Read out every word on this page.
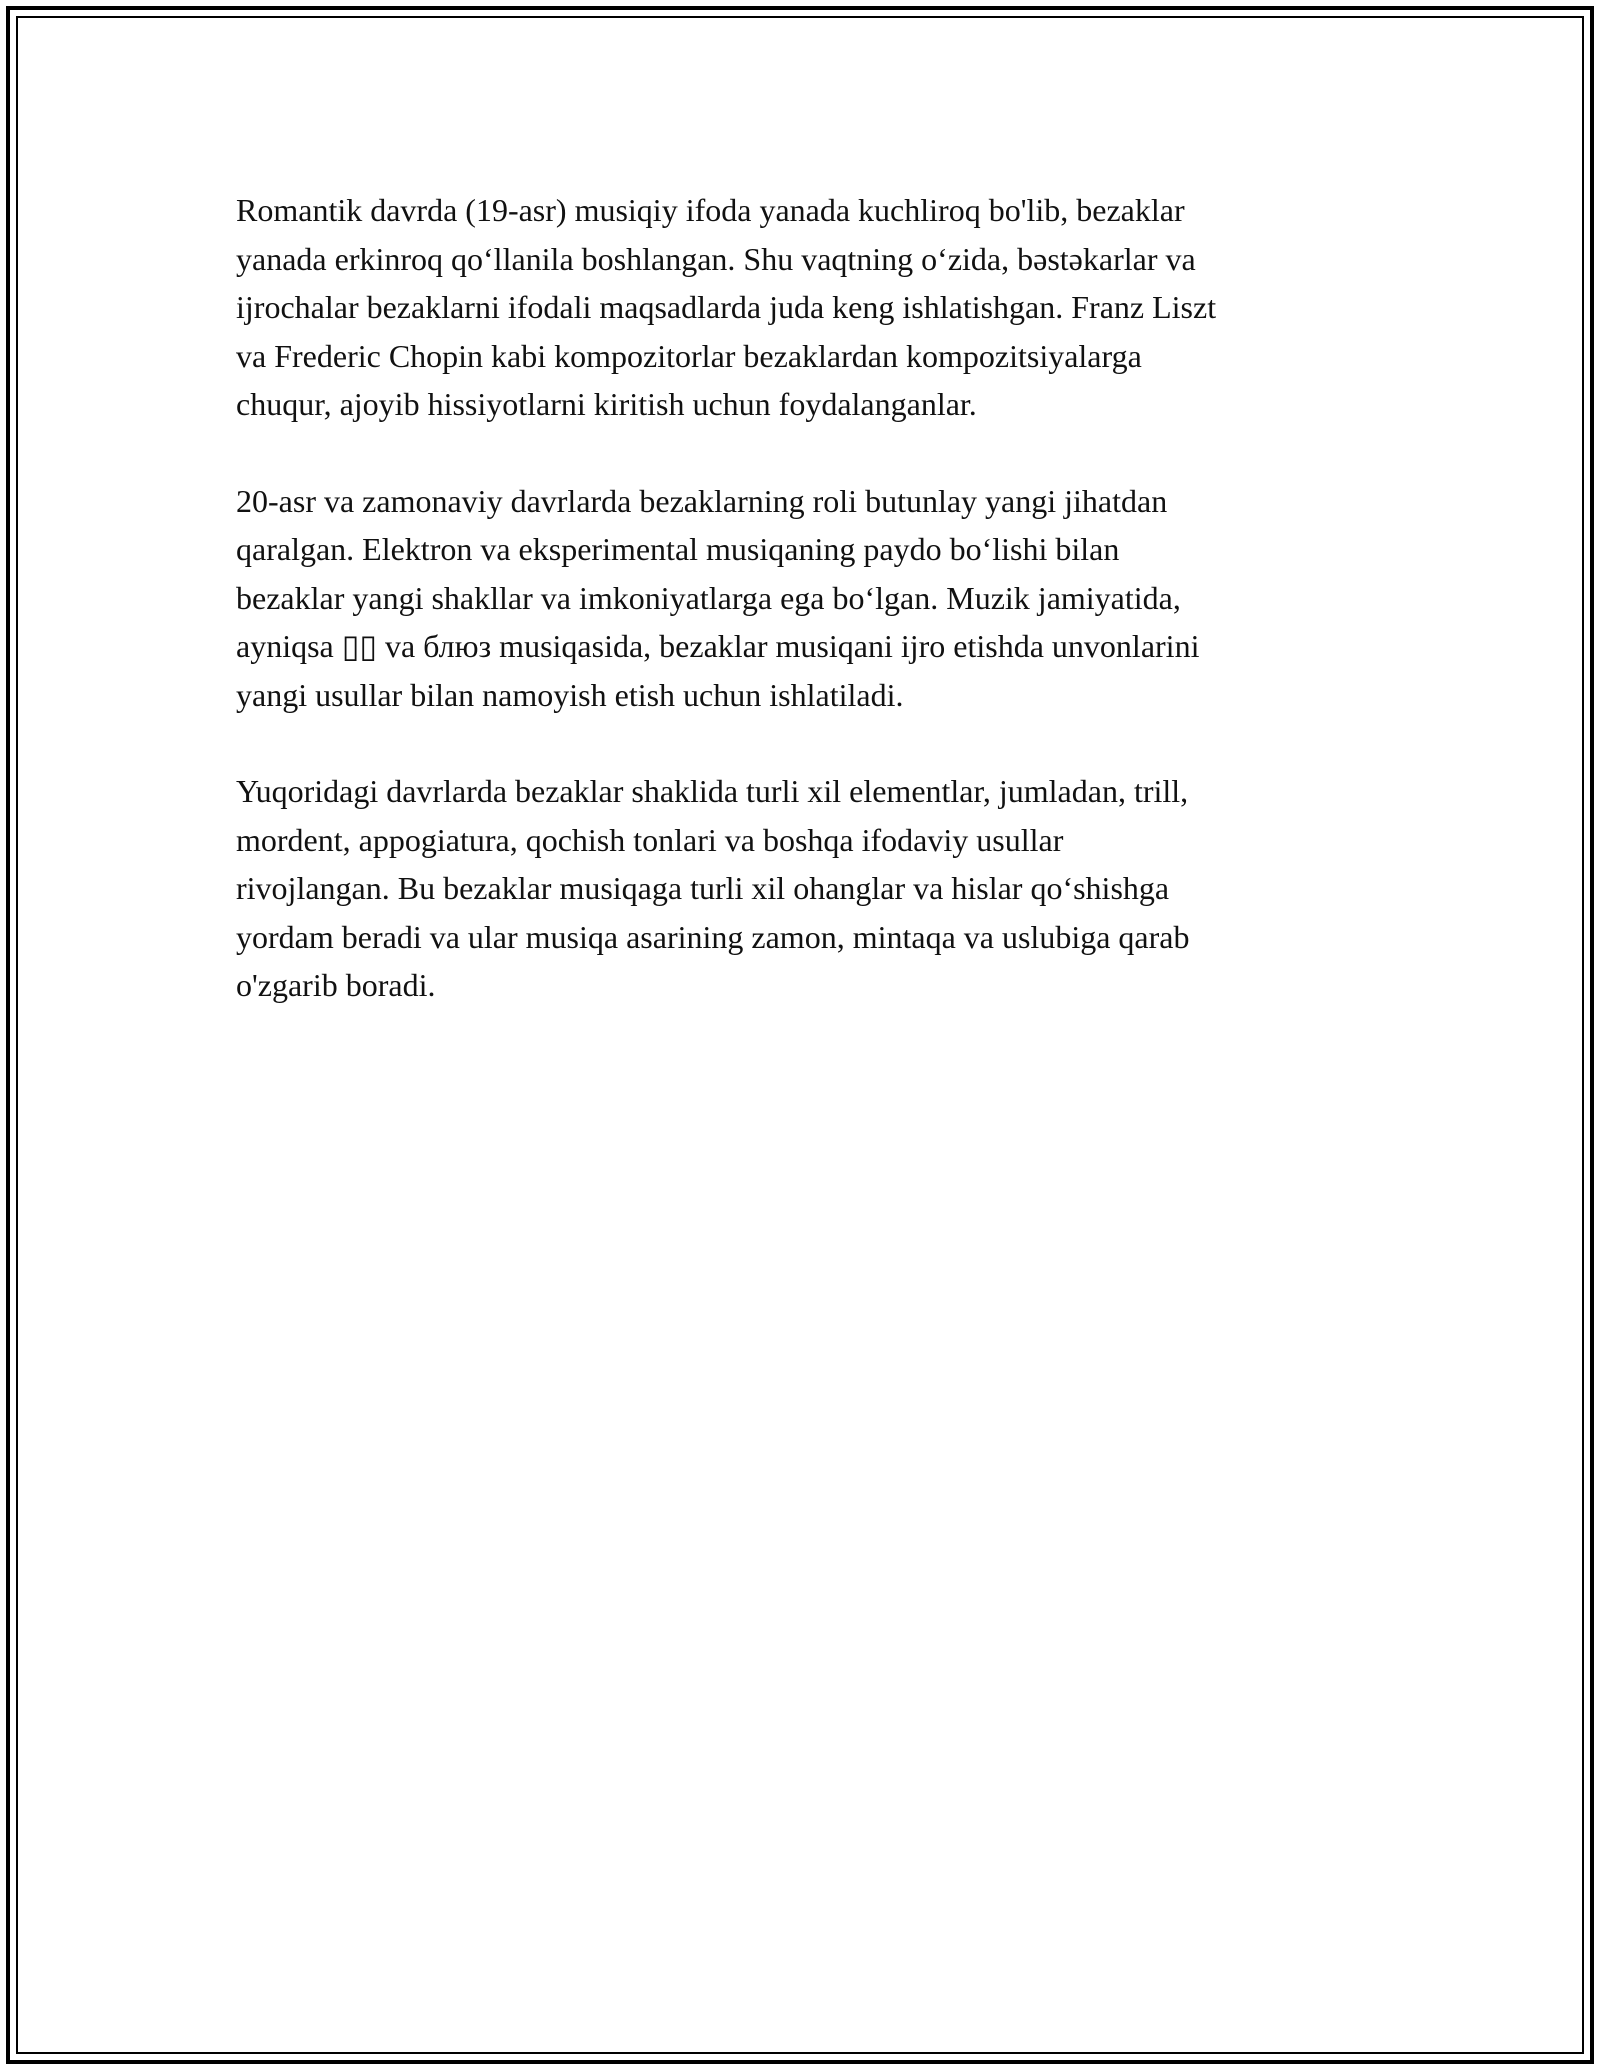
Romantik davrda (19-asr) musiqiy ifoda yanada kuchliroq bo'lib, bezaklar
yanada erkinroq qo‘llanila boshlangan. Shu vaqtning o‘zida, bəstəkarlar va
ijrochalar bezaklarni ifodali maqsadlarda juda keng ishlatishgan. Franz Liszt
va Frederic Chopin kabi kompozitorlar bezaklardan kompozitsiyalarga
chuqur, ajoyib hissiyotlarni kiritish uchun foydalanganlar.

20-asr va zamonaviy davrlarda bezaklarning roli butunlay yangi jihatdan
qaralgan. Elektron va eksperimental musiqaning paydo bo‘lishi bilan
bezaklar yangi shakllar va imkoniyatlarga ega bo‘lgan. Muzik jamiyatida,
ayniqsa ▯▯ va блюз musiqasida, bezaklar musiqani ijro etishda unvonlarini
yangi usullar bilan namoyish etish uchun ishlatiladi.

Yuqoridagi davrlarda bezaklar shaklida turli xil elementlar, jumladan, trill,
mordent, appogiatura, qochish tonlari va boshqa ifodaviy usullar
rivojlangan. Bu bezaklar musiqaga turli xil ohanglar va hislar qo‘shishga
yordam beradi va ular musiqa asarining zamon, mintaqa va uslubiga qarab
o'zgarib boradi.
